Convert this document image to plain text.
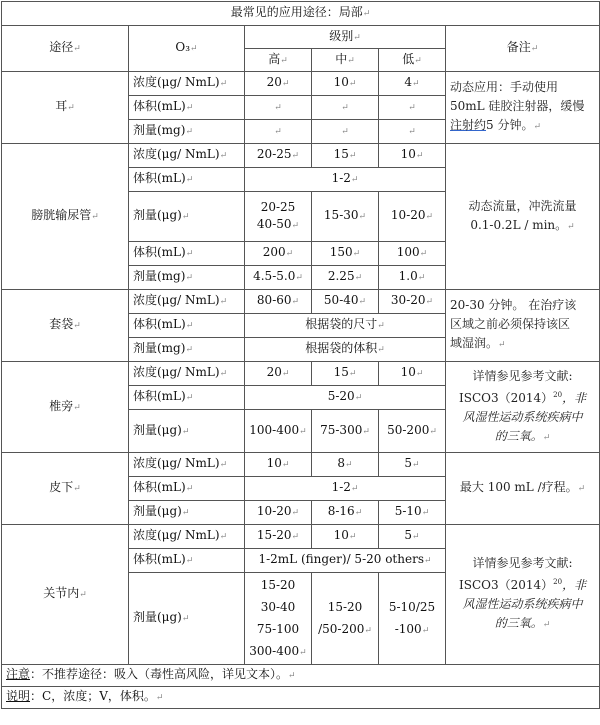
最常见的应用途径：局部↵					
途径↵	O₃↵	级别↵			备注↵
		高↵	中↵	低↵	
耳↵	浓度(μg/ NmL)↵	20↵	10↵	4↵	动态应用：手动使用
50mL 硅胶注射器，缓慢
注射约5 分钟。↵
	体积(mL)↵	↵	↵	↵	
	剂量(mg)↵	↵	↵	↵	
膀胱输尿管↵	浓度(μg/ NmL)↵	20-25↵	15↵	10↵	动态流量，冲洗流量
0.1-0.2L / min。↵
	体积(mL)↵	1-2↵			
	剂量(μg)↵	20-25
40-50↵	15-30↵	10-20↵	
	体积(mL)↵	200↵	150↵	100↵	
	剂量(mg)↵	4.5-5.0↵	2.25↵	1.0↵	
套袋↵	浓度(μg/ NmL)↵	80-60↵	50-40↵	30-20↵	20-30 分钟。 在治疗该
区域之前必须保持该区
域湿润。↵
	体积(mL)↵	根据袋的尺寸↵			
	剂量(mg)↵	根据袋的体积↵			
椎旁↵	浓度(μg/ NmL)↵	20↵	15↵	10↵	详情参见参考文献:
$ISCO3(2014)^{20}$，非
风湿性运动系统疾病中
的三氧。↵
	体积(mL)↵	5-20↵			
	剂量(μg)↵	100-400↵	75-300↵	50-200↵	
皮下↵	浓度(μg/ NmL)↵	10↵	8↵	5↵	最大 100 mL /疗程。↵
	体积(mL)↵	1-2↵			
	剂量(μg)↵	10-20↵	8-16↵	5-10↵	
关节内↵	浓度(μg/ NmL)↵	15-20↵	10↵	5↵	详情参见参考文献:
$ISCO3(2014)^{20}$，非
风湿性运动系统疾病中
的三氧。↵
	体积(mL)↵	1-2mL (finger)/ 5-20 others↵			
	剂量(μg)↵	15-20
30-40
75-100
300-400↵	15-20
/50-200↵	5-10/25
-100↵	
注意：不推荐途径：吸入（毒性高风险，详见文本）。↵					
说明：C，浓度；V，体积。↵					
